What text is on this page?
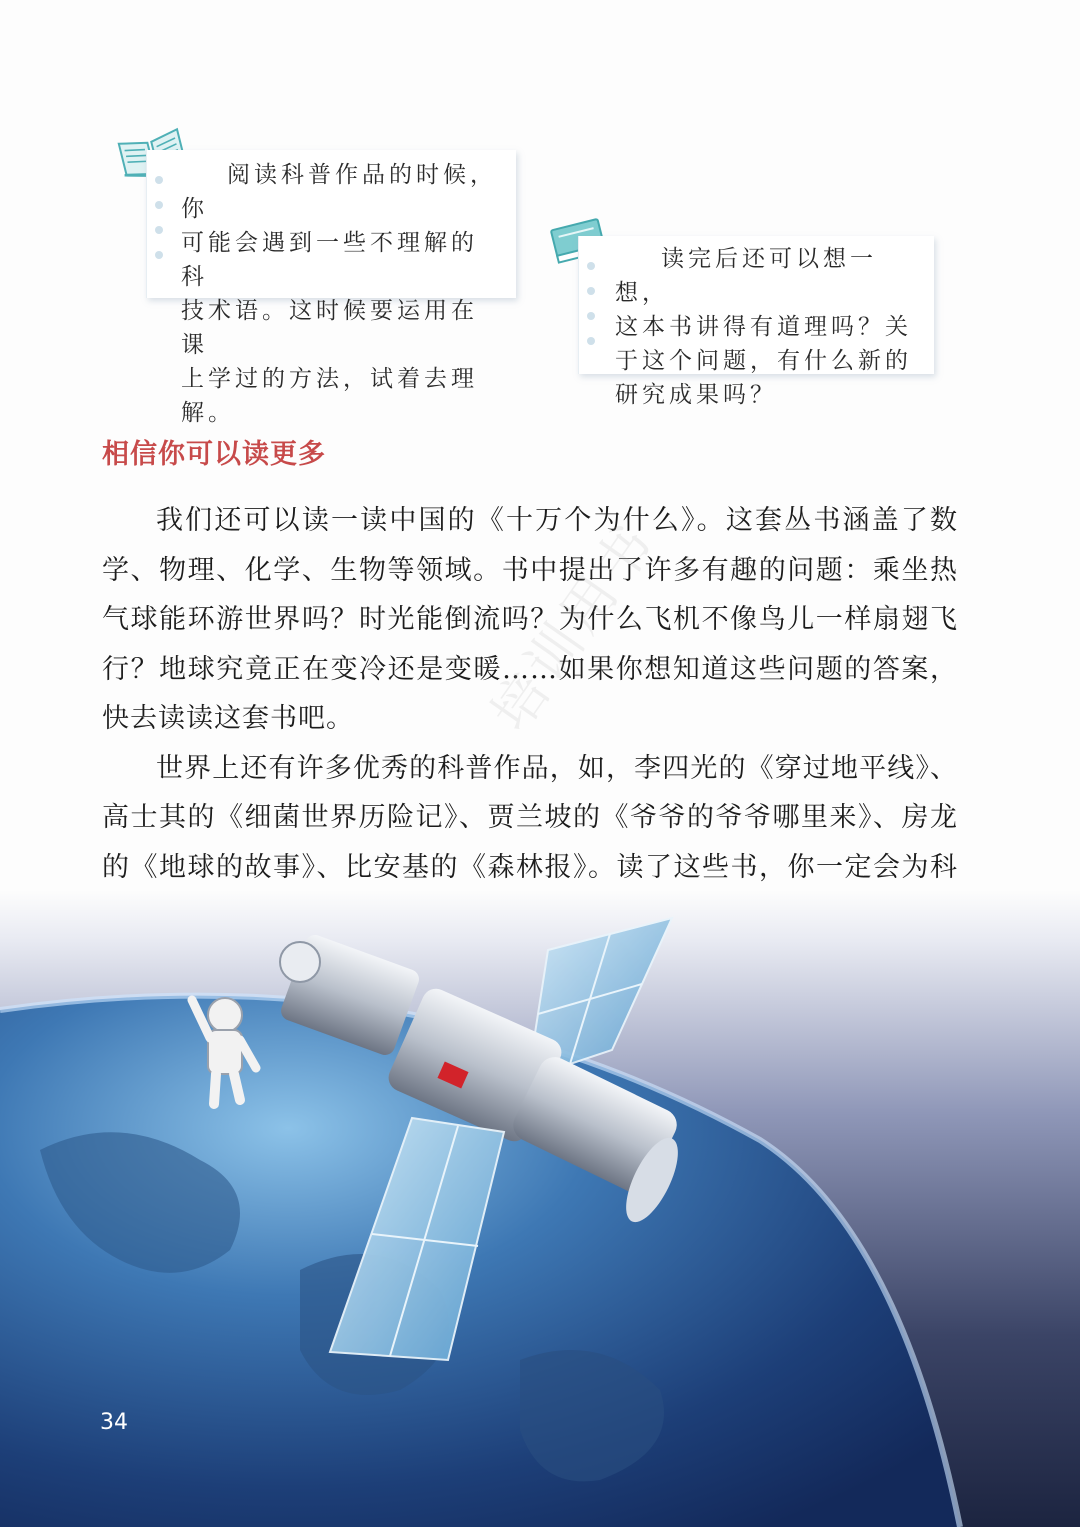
阅读科普作品的时候，你

可能会遇到一些不理解的科

技术语。这时候要运用在课

上学过的方法，试着去理解。

读完后还可以想一想，

这本书讲得有道理吗？关

于这个问题，有什么新的

研究成果吗？

相信你可以读更多

我们还可以读一读中国的《十万个为什么》。这套丛书涵盖了数学、物理、化学、生物等领域。书中提出了许多有趣的问题：乘坐热气球能环游世界吗？时光能倒流吗？为什么飞机不像鸟儿一样扇翅飞行？地球究竟正在变冷还是变暖……如果你想知道这些问题的答案，快去读读这套书吧。

世界上还有许多优秀的科普作品，如，李四光的《穿过地平线》、高士其的《细菌世界历险记》、贾兰坡的《爷爷的爷爷哪里来》、房龙的《地球的故事》、比安基的《森林报》。读了这些书，你一定会为科

培训用书
34
